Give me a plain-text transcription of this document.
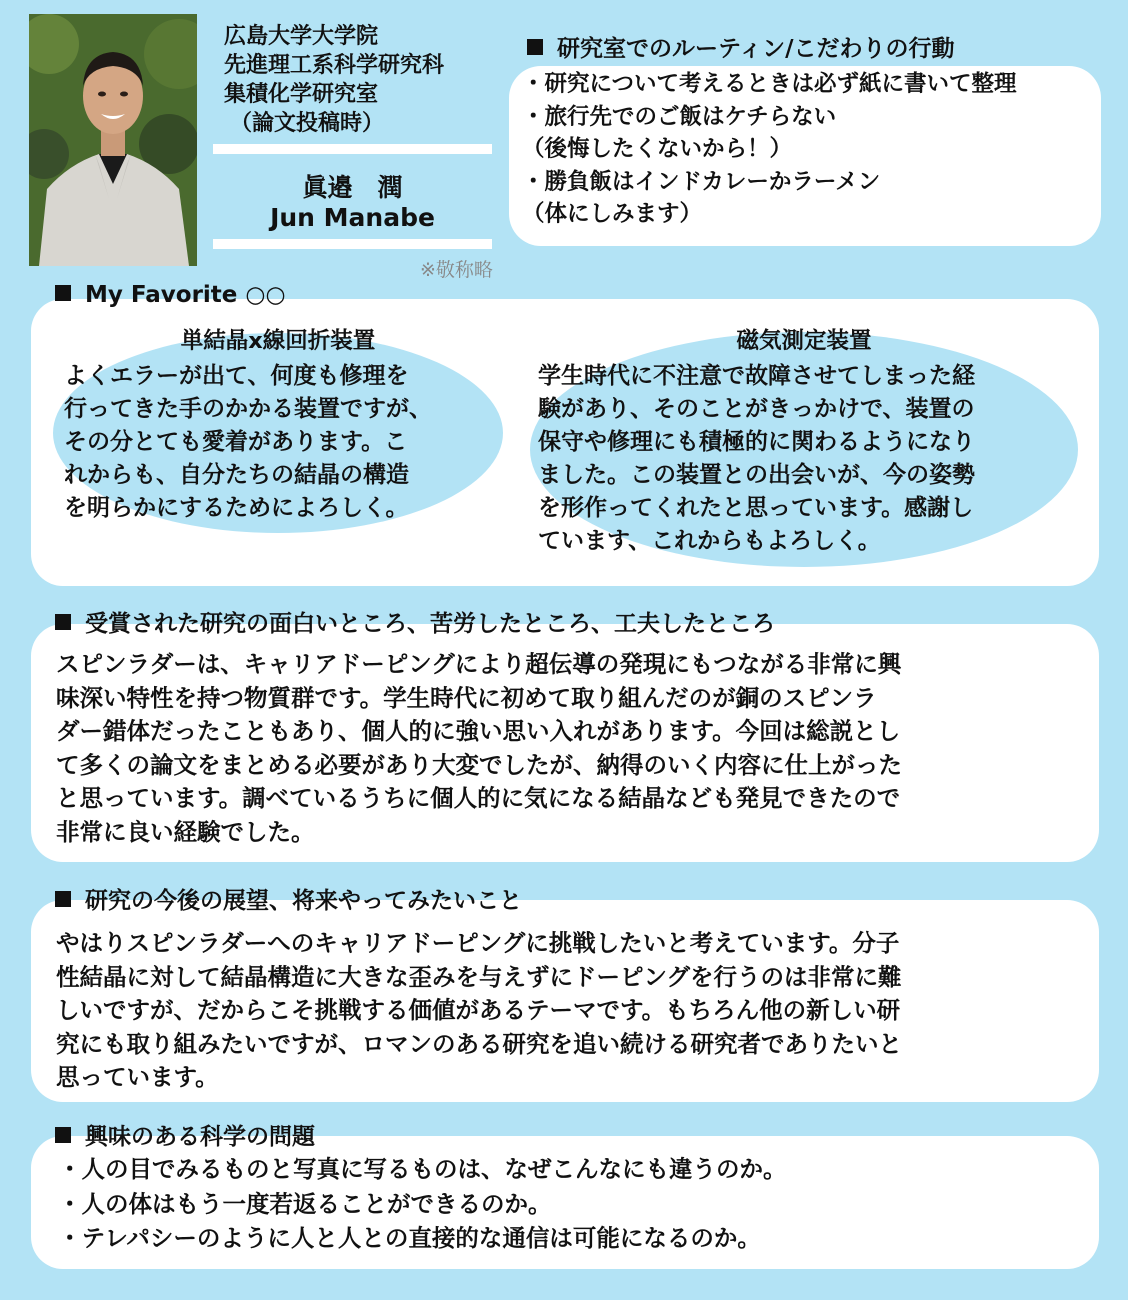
広島大学大学院
先進理工系科学研究科
集積化学研究室
（論文投稿時）
眞邉　潤
Jun Manabe
※敬称略
研究室でのルーティン/こだわりの行動
・研究について考えるときは必ず紙に書いて整理
・旅行先でのご飯はケチらない
（後悔したくないから！）
・勝負飯はインドカレーかラーメン
（体にしみます）
My Favorite ○○
単結晶x線回折装置	磁気測定装置
よくエラーが出て、何度も修理を
行ってきた手のかかる装置ですが、
その分とても愛着があります。こ
れからも、自分たちの結晶の構造
を明らかにするためによろしく。
学生時代に不注意で故障させてしまった経
験があり、そのことがきっかけで、装置の
保守や修理にも積極的に関わるようになり
ました。この装置との出会いが、今の姿勢
を形作ってくれたと思っています。感謝し
ています、これからもよろしく。
受賞された研究の面白いところ、苦労したところ、工夫したところ
スピンラダーは、キャリアドーピングにより超伝導の発現にもつながる非常に興
味深い特性を持つ物質群です。学生時代に初めて取り組んだのが銅のスピンラ
ダー錯体だったこともあり、個人的に強い思い入れがあります。今回は総説とし
て多くの論文をまとめる必要があり大変でしたが、納得のいく内容に仕上がった
と思っています。調べているうちに個人的に気になる結晶なども発見できたので
非常に良い経験でした。
研究の今後の展望、将来やってみたいこと
やはりスピンラダーへのキャリアドーピングに挑戦したいと考えています。分子
性結晶に対して結晶構造に大きな歪みを与えずにドーピングを行うのは非常に難
しいですが、だからこそ挑戦する価値があるテーマです。もちろん他の新しい研
究にも取り組みたいですが、ロマンのある研究を追い続ける研究者でありたいと
思っています。
興味のある科学の問題
・人の目でみるものと写真に写るものは、なぜこんなにも違うのか。
・人の体はもう一度若返ることができるのか。
・テレパシーのように人と人との直接的な通信は可能になるのか。
